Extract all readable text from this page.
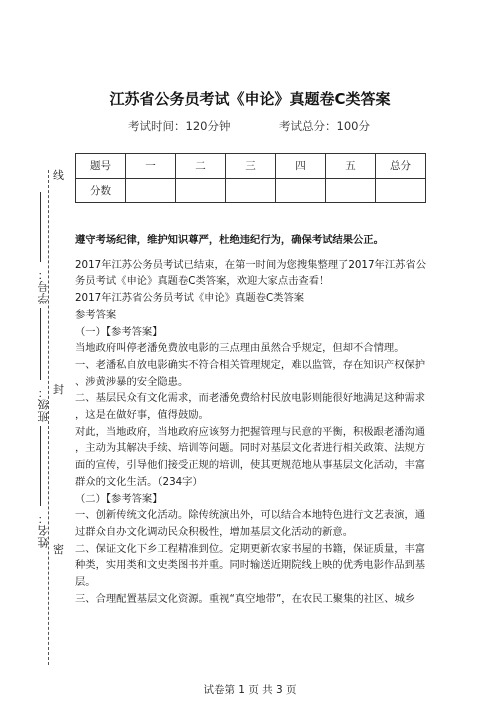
线
封
密
学号：
班级：
姓名：
江苏省公务员考试《申论》真题卷C类答案
考试时间：120分钟	考试总分：100分
题号	一	二	三	四	五	总分
分数						

遵守考场纪律，维护知识尊严，杜绝违纪行为，确保考试结果公正。

2017年江苏公务员考试已结束，在第一时间为您搜集整理了2017年江苏省公

务员考试《申论》真题卷C类答案，欢迎大家点击查看！

2017年江苏省公务员考试《申论》真题卷C类答案

参考答案

（一）【参考答案】

当地政府叫停老潘免费放电影的三点理由虽然合乎规定，但却不合情理。

一、老潘私自放电影确实不符合相关管理规定，难以监管，存在知识产权保护

、涉黄涉暴的安全隐患。

二、基层民众有文化需求，而老潘免费给村民放电影则能很好地满足这种需求

，这是在做好事，值得鼓励。

对此，当地政府，当地政府应该努力把握管理与民意的平衡，积极跟老潘沟通

，主动为其解决手续、培训等问题。同时对基层文化者进行相关政策、法规方

面的宣传，引导他们接受正规的培训，使其更规范地从事基层文化活动，丰富

群众的文化生活。（234字）

（二）【参考答案】

一、创新传统文化活动。除传统演出外，可以结合本地特色进行文艺表演，通

过群众自办文化调动民众积极性，增加基层文化活动的新意。

二、保证文化下乡工程精准到位。定期更新农家书屋的书籍，保证质量，丰富

种类，实用类和文史类图书并重。同时输送近期院线上映的优秀电影作品到基

层。

三、合理配置基层文化资源。重视“真空地带”，在农民工聚集的社区、城乡

试卷第 1 页 共 3 页
